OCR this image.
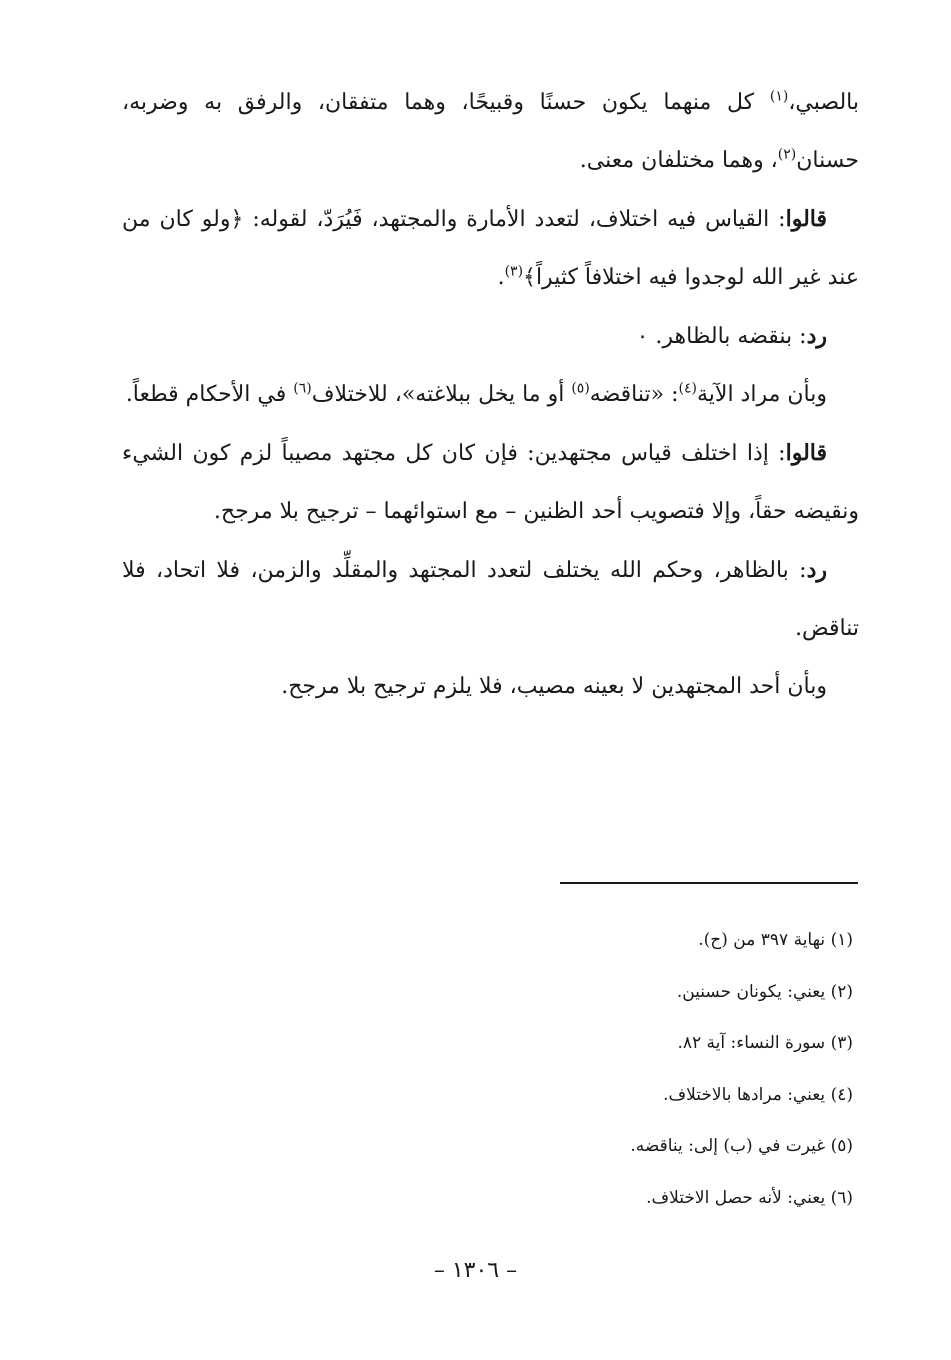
بالصبي،$^{(١)}$ كل منهما يكون حسنًا وقبيحًا، وهما متفقان، والرفق به وضربه، حسنان$^{(٢)}$، وهما مختلفان معنى.

قالوا: القياس فيه اختلاف، لتعدد الأمارة والمجتهد، فَيُرَدّ، لقوله: ﴿ولو كان من عند غير الله لوجدوا فيه اختلافاً كثيراً﴾$^{(٣)}$.

رد: بنقضه بالظاهر. ٠

وبأن مراد الآية$^{(٤)}$: «تناقضه$^{(٥)}$ أو ما يخل ببلاغته»، للاختلاف$^{(٦)}$ في الأحكام قطعاً.

قالوا: إذا اختلف قياس مجتهدين: فإن كان كل مجتهد مصيباً لزم كون الشيء ونقيضه حقاً، وإلا فتصويب أحد الظنين – مع استوائهما – ترجيح بلا مرجح.

رد: بالظاهر، وحكم الله يختلف لتعدد المجتهد والمقلِّد والزمن، فلا اتحاد، فلا تناقض.

وبأن أحد المجتهدين لا بعينه مصيب، فلا يلزم ترجيح بلا مرجح.

(١) نهاية ٣٩٧ من (ح).

(٢) يعني: يكونان حسنين.

(٣) سورة النساء: آية ٨٢.

(٤) يعني: مرادها بالاختلاف.

(٥) غيرت في (ب) إلى: يناقضه.

(٦) يعني: لأنه حصل الاختلاف.

– ١٣٠٦ –
